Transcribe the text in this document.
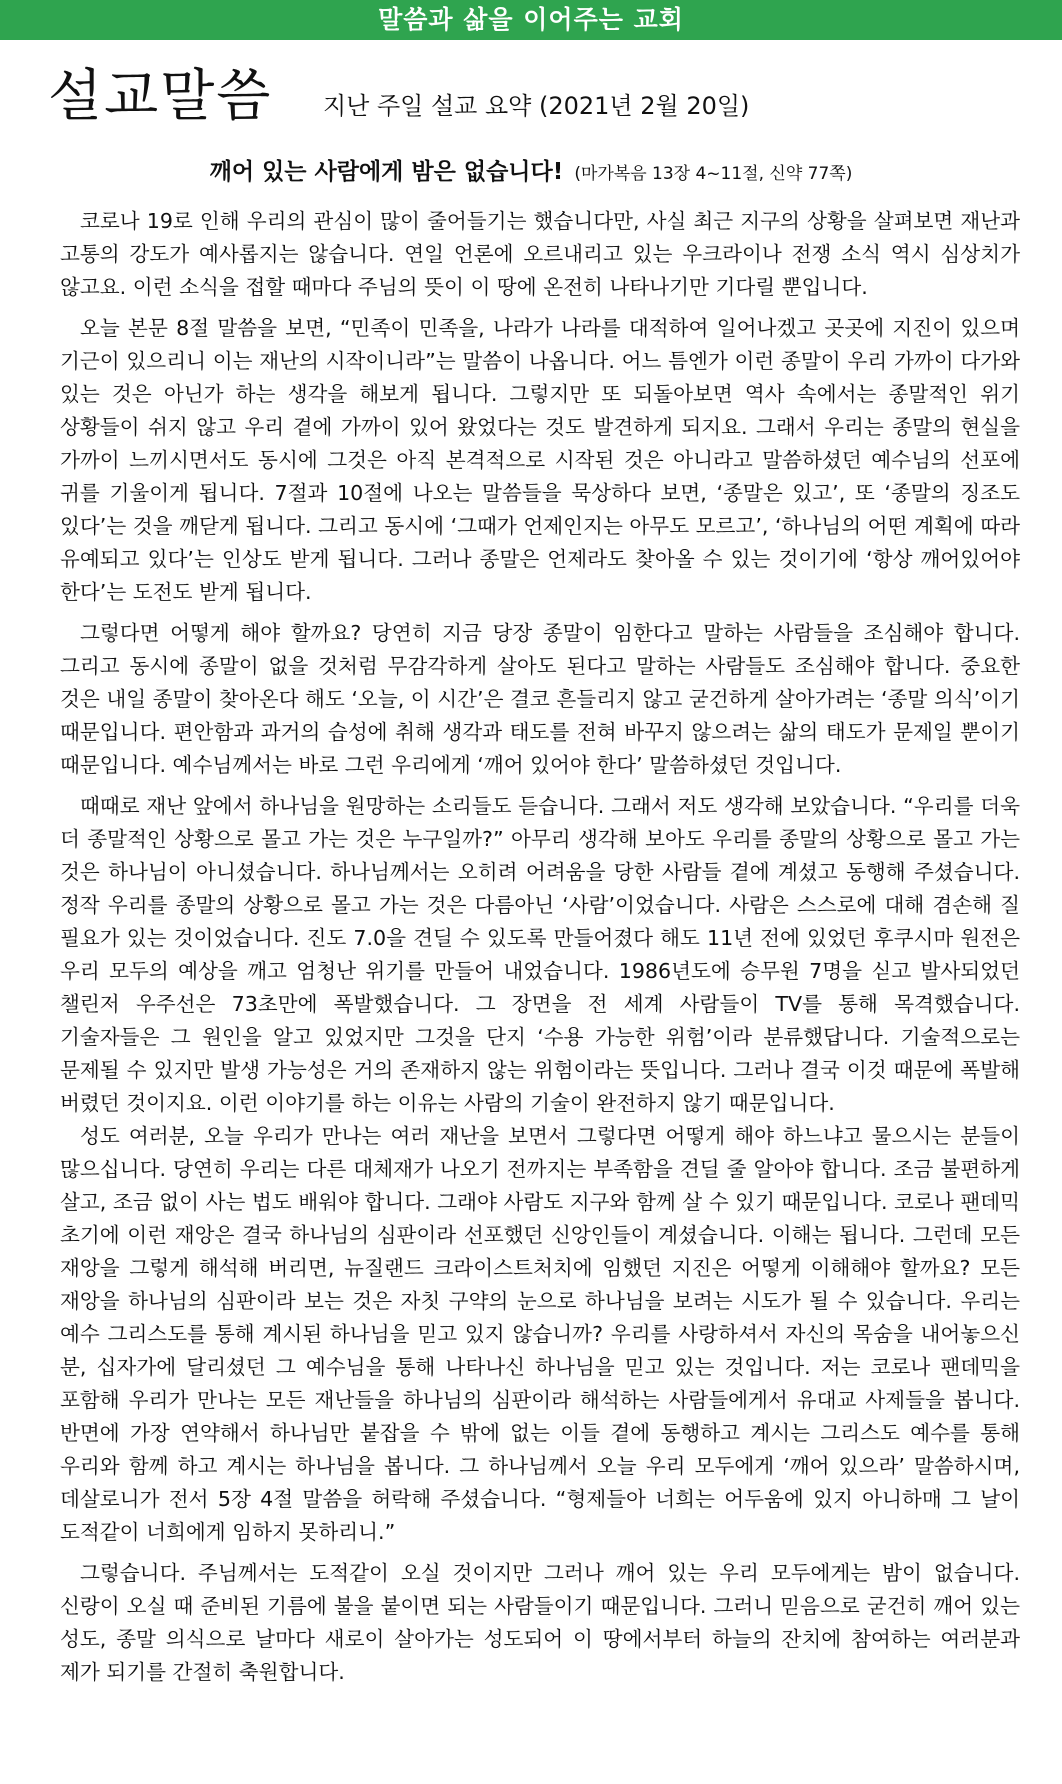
말씀과 삶을 이어주는 교회
설교말씀 지난 주일 설교 요약 (2021년 2월 20일)
깨어 있는 사람에게 밤은 없습니다! (마가복음 13장 4~11절, 신약 77쪽)

코로나 19로 인해 우리의 관심이 많이 줄어들기는 했습니다만, 사실 최근 지구의 상황을 살펴보면 재난과 고통의 강도가 예사롭지는 않습니다. 연일 언론에 오르내리고 있는 우크라이나 전쟁 소식 역시 심상치가 않고요. 이런 소식을 접할 때마다 주님의 뜻이 이 땅에 온전히 나타나기만 기다릴 뿐입니다.

오늘 본문 8절 말씀을 보면, “민족이 민족을, 나라가 나라를 대적하여 일어나겠고 곳곳에 지진이 있으며 기근이 있으리니 이는 재난의 시작이니라”는 말씀이 나옵니다. 어느 틈엔가 이런 종말이 우리 가까이 다가와 있는 것은 아닌가 하는 생각을 해보게 됩니다. 그렇지만 또 되돌아보면 역사 속에서는 종말적인 위기 상황들이 쉬지 않고 우리 곁에 가까이 있어 왔었다는 것도 발견하게 되지요. 그래서 우리는 종말의 현실을 가까이 느끼시면서도 동시에 그것은 아직 본격적으로 시작된 것은 아니라고 말씀하셨던 예수님의 선포에 귀를 기울이게 됩니다. 7절과 10절에 나오는 말씀들을 묵상하다 보면, ‘종말은 있고’, 또 ‘종말의 징조도 있다’는 것을 깨닫게 됩니다. 그리고 동시에 ‘그때가 언제인지는 아무도 모르고’, ‘하나님의 어떤 계획에 따라 유예되고 있다’는 인상도 받게 됩니다. 그러나 종말은 언제라도 찾아올 수 있는 것이기에 ‘항상 깨어있어야 한다’는 도전도 받게 됩니다.

그렇다면 어떻게 해야 할까요? 당연히 지금 당장 종말이 임한다고 말하는 사람들을 조심해야 합니다. 그리고 동시에 종말이 없을 것처럼 무감각하게 살아도 된다고 말하는 사람들도 조심해야 합니다. 중요한 것은 내일 종말이 찾아온다 해도 ‘오늘, 이 시간’은 결코 흔들리지 않고 굳건하게 살아가려는 ‘종말 의식’이기 때문입니다. 편안함과 과거의 습성에 취해 생각과 태도를 전혀 바꾸지 않으려는 삶의 태도가 문제일 뿐이기 때문입니다. 예수님께서는 바로 그런 우리에게 ‘깨어 있어야 한다’ 말씀하셨던 것입니다.

때때로 재난 앞에서 하나님을 원망하는 소리들도 듣습니다. 그래서 저도 생각해 보았습니다. “우리를 더욱 더 종말적인 상황으로 몰고 가는 것은 누구일까?” 아무리 생각해 보아도 우리를 종말의 상황으로 몰고 가는 것은 하나님이 아니셨습니다. 하나님께서는 오히려 어려움을 당한 사람들 곁에 계셨고 동행해 주셨습니다. 정작 우리를 종말의 상황으로 몰고 가는 것은 다름아닌 ‘사람’이었습니다. 사람은 스스로에 대해 겸손해 질 필요가 있는 것이었습니다. 진도 7.0을 견딜 수 있도록 만들어졌다 해도 11년 전에 있었던 후쿠시마 원전은 우리 모두의 예상을 깨고 엄청난 위기를 만들어 내었습니다. 1986년도에 승무원 7명을 싣고 발사되었던 챌린저 우주선은 73초만에 폭발했습니다. 그 장면을 전 세계 사람들이 TV를 통해 목격했습니다. 기술자들은 그 원인을 알고 있었지만 그것을 단지 ‘수용 가능한 위험’이라 분류했답니다. 기술적으로는 문제될 수 있지만 발생 가능성은 거의 존재하지 않는 위험이라는 뜻입니다. 그러나 결국 이것 때문에 폭발해 버렸던 것이지요. 이런 이야기를 하는 이유는 사람의 기술이 완전하지 않기 때문입니다.

성도 여러분, 오늘 우리가 만나는 여러 재난을 보면서 그렇다면 어떻게 해야 하느냐고 물으시는 분들이 많으십니다. 당연히 우리는 다른 대체재가 나오기 전까지는 부족함을 견딜 줄 알아야 합니다. 조금 불편하게 살고, 조금 없이 사는 법도 배워야 합니다. 그래야 사람도 지구와 함께 살 수 있기 때문입니다. 코로나 팬데믹 초기에 이런 재앙은 결국 하나님의 심판이라 선포했던 신앙인들이 계셨습니다. 이해는 됩니다. 그런데 모든 재앙을 그렇게 해석해 버리면, 뉴질랜드 크라이스트처치에 임했던 지진은 어떻게 이해해야 할까요? 모든 재앙을 하나님의 심판이라 보는 것은 자칫 구약의 눈으로 하나님을 보려는 시도가 될 수 있습니다. 우리는 예수 그리스도를 통해 계시된 하나님을 믿고 있지 않습니까? 우리를 사랑하셔서 자신의 목숨을 내어놓으신 분, 십자가에 달리셨던 그 예수님을 통해 나타나신 하나님을 믿고 있는 것입니다. 저는 코로나 팬데믹을 포함해 우리가 만나는 모든 재난들을 하나님의 심판이라 해석하는 사람들에게서 유대교 사제들을 봅니다. 반면에 가장 연약해서 하나님만 붙잡을 수 밖에 없는 이들 곁에 동행하고 계시는 그리스도 예수를 통해 우리와 함께 하고 계시는 하나님을 봅니다. 그 하나님께서 오늘 우리 모두에게 ‘깨어 있으라’ 말씀하시며, 데살로니가 전서 5장 4절 말씀을 허락해 주셨습니다. “형제들아 너희는 어두움에 있지 아니하매 그 날이 도적같이 너희에게 임하지 못하리니.”

그렇습니다. 주님께서는 도적같이 오실 것이지만 그러나 깨어 있는 우리 모두에게는 밤이 없습니다. 신랑이 오실 때 준비된 기름에 불을 붙이면 되는 사람들이기 때문입니다. 그러니 믿음으로 굳건히 깨어 있는 성도, 종말 의식으로 날마다 새로이 살아가는 성도되어 이 땅에서부터 하늘의 잔치에 참여하는 여러분과 제가 되기를 간절히 축원합니다.
